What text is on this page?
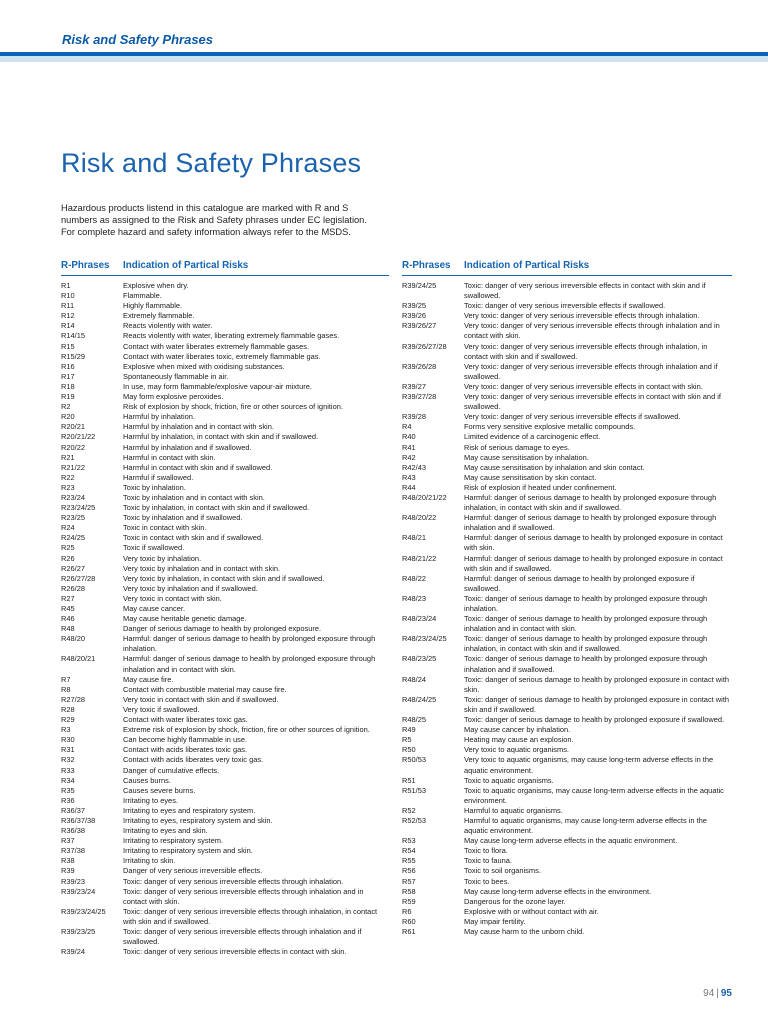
Risk and Safety Phrases
Risk and Safety Phrases
Hazardous products listend in this catalogue are marked with R and S
numbers as assigned to the Risk and Safety phrases under EC legislation.
For complete hazard and safety information always refer to the MSDS.
R-Phrases	Indication of Partical Risks
R1	Explosive when dry.
R10	Flammable.
R11	Highly flammable.
R12	Extremely flammable.
R14	Reacts violently with water.
R14/15	Reacts violently with water, liberating extremely flammable gases.
R15	Contact with water liberates extremely flammable gases.
R15/29	Contact with water liberates toxic, extremely flammable gas.
R16	Explosive when mixed with oxidising substances.
R17	Spontaneously flammable in air.
R18	In use, may form flammable/explosive vapour-air mixture.
R19	May form explosive peroxides.
R2	Risk of explosion by shock, friction, fire or other sources of ignition.
R20	Harmful by inhalation.
R20/21	Harmful by inhalation and in contact with skin.
R20/21/22	Harmful by inhalation, in contact with skin and if swallowed.
R20/22	Harmful by inhalation and if swallowed.
R21	Harmful in contact with skin.
R21/22	Harmful in contact with skin and if swallowed.
R22	Harmful if swallowed.
R23	Toxic by inhalation.
R23/24	Toxic by inhalation and in contact with skin.
R23/24/25	Toxic by inhalation, in contact with skin and if swallowed.
R23/25	Toxic by inhalation and if swallowed.
R24	Toxic in contact with skin.
R24/25	Toxic in contact with skin and if swallowed.
R25	Toxic if swallowed.
R26	Very toxic by inhalation.
R26/27	Very toxic by inhalation and in contact with skin.
R26/27/28	Very toxic by inhalation, in contact with skin and if swallowed.
R26/28	Very toxic by inhalation and if swallowed.
R27	Very toxic in contact with skin.
R45	May cause cancer.
R46	May cause heritable genetic damage.
R48	Danger of serious damage to health by prolonged exposure.
R48/20	Harmful: danger of serious damage to health by prolonged exposure through inhalation.
R48/20/21	Harmful: danger of serious damage to health by prolonged exposure through inhalation and in contact with skin.
R7	May cause fire.
R8	Contact with combustible material may cause fire.
R27/28	Very toxic in contact with skin and if swallowed.
R28	Very toxic if swallowed.
R29	Contact with water liberates toxic gas.
R3	Extreme risk of explosion by shock, friction, fire or other sources of ignition.
R30	Can become highly flammable in use.
R31	Contact with acids liberates toxic gas.
R32	Contact with acids liberates very toxic gas.
R33	Danger of cumulative effects.
R34	Causes burns.
R35	Causes severe burns.
R36	Irritating to eyes.
R36/37	Irritating to eyes and respiratory system.
R36/37/38	Irritating to eyes, respiratory system and skin.
R36/38	Irritating to eyes and skin.
R37	Irritating to respiratory system.
R37/38	Irritating to respiratory system and skin.
R38	Irritating to skin.
R39	Danger of very serious irreversible effects.
R39/23	Toxic: danger of very serious irreversible effects through inhalation.
R39/23/24	Toxic: danger of very serious irreversible effects through inhalation and in contact with skin.
R39/23/24/25	Toxic: danger of very serious irreversible effects through inhalation, in contact with skin and if swallowed.
R39/23/25	Toxic: danger of very serious irreversible effects through inhalation and if swallowed.
R39/24	Toxic: danger of very serious irreversible effects in contact with skin.
R-Phrases	Indication of Partical Risks
R39/24/25	Toxic: danger of very serious irreversible effects in contact with skin and if swallowed.
R39/25	Toxic: danger of very serious irreversible effects if swallowed.
R39/26	Very toxic: danger of very serious irreversible effects through inhalation.
R39/26/27	Very toxic: danger of very serious irreversible effects through inhalation and in contact with skin.
R39/26/27/28	Very toxic: danger of very serious irreversible effects through inhalation, in contact with skin and if swallowed.
R39/26/28	Very toxic: danger of very serious irreversible effects through inhalation and if swallowed.
R39/27	Very toxic: danger of very serious irreversible effects in contact with skin.
R39/27/28	Very toxic: danger of very serious irreversible effects in contact with skin and if swallowed.
R39/28	Very toxic: danger of very serious irreversible effects if swallowed.
R4	Forms very sensitive explosive metallic compounds.
R40	Limited evidence of a carcinogenic effect.
R41	Risk of serious damage to eyes.
R42	May cause sensitisation by inhalation.
R42/43	May cause sensitisation by inhalation and skin contact.
R43	May cause sensitisation by skin contact.
R44	Risk of explosion if heated under confinement.
R48/20/21/22	Harmful: danger of serious damage to health by prolonged exposure through inhalation, in contact with skin and if swallowed.
R48/20/22	Harmful: danger of serious damage to health by prolonged exposure through inhalation and if swallowed.
R48/21	Harmful: danger of serious damage to health by prolonged exposure in contact with skin.
R48/21/22	Harmful: danger of serious damage to health by prolonged exposure in contact with skin and if swallowed.
R48/22	Harmful: danger of serious damage to health by prolonged exposure if swallowed.
R48/23	Toxic: danger of serious damage to health by prolonged exposure through inhalation.
R48/23/24	Toxic: danger of serious damage to health by prolonged exposure through inhalation and in contact with skin.
R48/23/24/25	Toxic: danger of serious damage to health by prolonged exposure through inhalation, in contact with skin and if swallowed.
R48/23/25	Toxic: danger of serious damage to health by prolonged exposure through inhalation and if swallowed.
R48/24	Toxic: danger of serious damage to health by prolonged exposure in contact with skin.
R48/24/25	Toxic: danger of serious damage to health by prolonged exposure in contact with skin and if swallowed.
R48/25	Toxic: danger of serious damage to health by prolonged exposure if swallowed.
R49	May cause cancer by inhalation.
R5	Heating may cause an explosion.
R50	Very toxic to aquatic organisms.
R50/53	Very toxic to aquatic organisms, may cause long-term adverse effects in the aquatic environment.
R51	Toxic to aquatic organisms.
R51/53	Toxic to aquatic organisms, may cause long-term adverse effects in the aquatic environment.
R52	Harmful to aquatic organisms.
R52/53	Harmful to aquatic organisms, may cause long-term adverse effects in the aquatic environment.
R53	May cause long-term adverse effects in the aquatic environment.
R54	Toxic to flora.
R55	Toxic to fauna.
R56	Toxic to soil organisms.
R57	Toxic to bees.
R58	May cause long-term adverse effects in the environment.
R59	Dangerous for the ozone layer.
R6	Explosive with or without contact with air.
R60	May impair fertility.
R61	May cause harm to the unborn child.
94 | 95
